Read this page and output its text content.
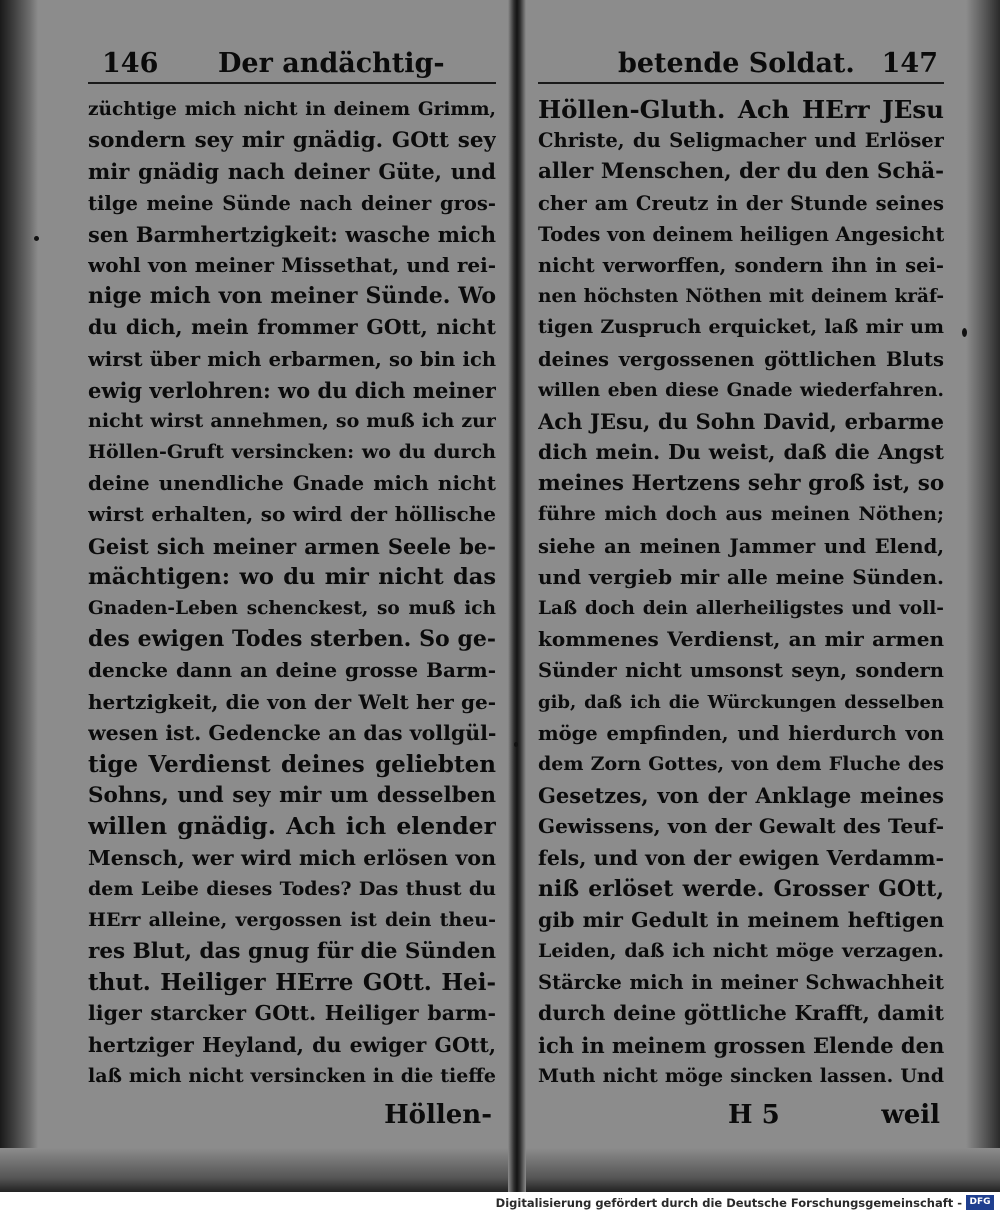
146 Der andächtig-
züchtige mich nicht in deinem Grimm,
sondern sey mir gnädig. GOtt sey
mir gnädig nach deiner Güte, und
tilge meine Sünde nach deiner gros-
sen Barmhertzigkeit: wasche mich
wohl von meiner Missethat, und rei-
nige mich von meiner Sünde. Wo
du dich, mein frommer GOtt, nicht
wirst über mich erbarmen, so bin ich
ewig verlohren: wo du dich meiner
nicht wirst annehmen, so muß ich zur
Höllen-Gruft versincken: wo du durch
deine unendliche Gnade mich nicht
wirst erhalten, so wird der höllische
Geist sich meiner armen Seele be-
mächtigen: wo du mir nicht das
Gnaden-Leben schenckest, so muß ich
des ewigen Todes sterben. So ge-
dencke dann an deine grosse Barm-
hertzigkeit, die von der Welt her ge-
wesen ist. Gedencke an das vollgül-
tige Verdienst deines geliebten
Sohns, und sey mir um desselben
willen gnädig. Ach ich elender
Mensch, wer wird mich erlösen von
dem Leibe dieses Todes? Das thust du
HErr alleine, vergossen ist dein theu-
res Blut, das gnug für die Sünden
thut. Heiliger HErre GOtt. Hei-
liger starcker GOtt. Heiliger barm-
hertziger Heyland, du ewiger GOtt,
laß mich nicht versincken in die tieffe
Höllen-
betende Soldat. 147
Höllen-Gluth. Ach HErr JEsu
Christe, du Seligmacher und Erlöser
aller Menschen, der du den Schä-
cher am Creutz in der Stunde seines
Todes von deinem heiligen Angesicht
nicht verworffen, sondern ihn in sei-
nen höchsten Nöthen mit deinem kräf-
tigen Zuspruch erquicket, laß mir um
deines vergossenen göttlichen Bluts
willen eben diese Gnade wiederfahren.
Ach JEsu, du Sohn David, erbarme
dich mein. Du weist, daß die Angst
meines Hertzens sehr groß ist, so
führe mich doch aus meinen Nöthen;
siehe an meinen Jammer und Elend,
und vergieb mir alle meine Sünden.
Laß doch dein allerheiligstes und voll-
kommenes Verdienst, an mir armen
Sünder nicht umsonst seyn, sondern
gib, daß ich die Würckungen desselben
möge empfinden, und hierdurch von
dem Zorn Gottes, von dem Fluche des
Gesetzes, von der Anklage meines
Gewissens, von der Gewalt des Teuf-
fels, und von der ewigen Verdamm-
niß erlöset werde. Grosser GOtt,
gib mir Gedult in meinem heftigen
Leiden, daß ich nicht möge verzagen.
Stärcke mich in meiner Schwachheit
durch deine göttliche Krafft, damit
ich in meinem grossen Elende den
Muth nicht möge sincken lassen. Und
H 5	weil
Digitalisierung gefördert durch die Deutsche Forschungsgemeinschaft - DFG
